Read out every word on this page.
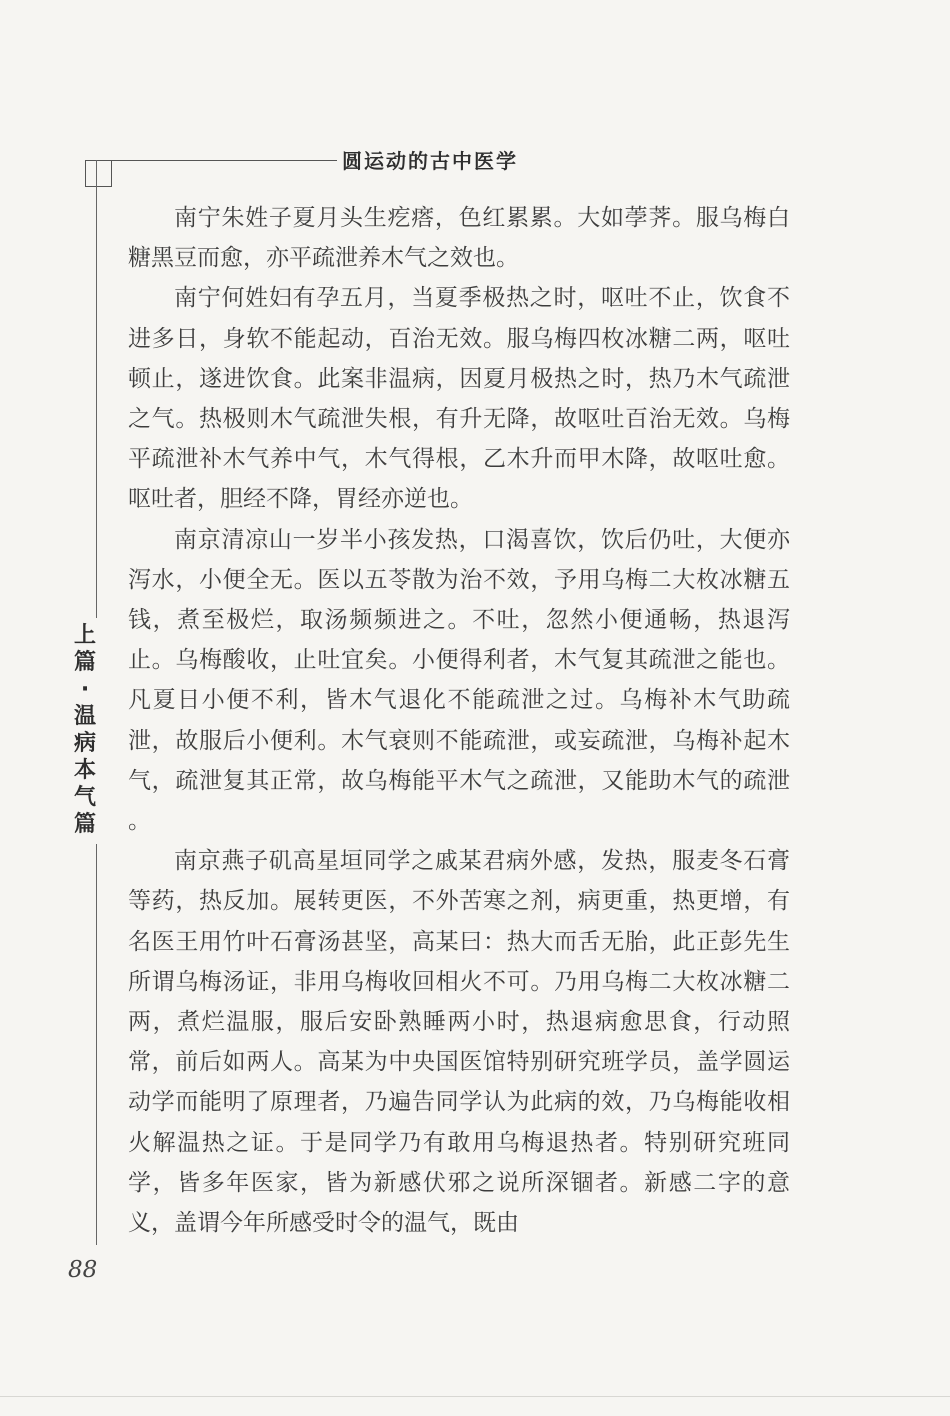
圆运动的古中医学
上
篇
·
温
病
本
气
篇

南宁朱姓子夏月头生疙瘩，色红累累。大如荸荠。服乌梅白糖黑豆而愈，亦平疏泄养木气之效也。

南宁何姓妇有孕五月，当夏季极热之时，呕吐不止，饮食不进多日，身软不能起动，百治无效。服乌梅四枚冰糖二两，呕吐顿止，遂进饮食。此案非温病，因夏月极热之时，热乃木气疏泄之气。热极则木气疏泄失根，有升无降，故呕吐百治无效。乌梅平疏泄补木气养中气，木气得根，乙木升而甲木降，故呕吐愈。呕吐者，胆经不降，胃经亦逆也。

南京清凉山一岁半小孩发热，口渴喜饮，饮后仍吐，大便亦泻水，小便全无。医以五苓散为治不效，予用乌梅二大枚冰糖五钱，煮至极烂，取汤频频进之。不吐，忽然小便通畅，热退泻止。乌梅酸收，止吐宜矣。小便得利者，木气复其疏泄之能也。凡夏日小便不利，皆木气退化不能疏泄之过。乌梅补木气助疏泄，故服后小便利。木气衰则不能疏泄，或妄疏泄，乌梅补起木气，疏泄复其正常，故乌梅能平木气之疏泄，又能助木气的疏泄 。

南京燕子矶高星垣同学之戚某君病外感，发热，服麦冬石膏等药，热反加。展转更医，不外苦寒之剂，病更重，热更增，有名医王用竹叶石膏汤甚坚，高某曰：热大而舌无胎，此正彭先生所谓乌梅汤证，非用乌梅收回相火不可。乃用乌梅二大枚冰糖二两，煮烂温服，服后安卧熟睡两小时，热退病愈思食，行动照常，前后如两人。高某为中央国医馆特别研究班学员，盖学圆运动学而能明了原理者，乃遍告同学认为此病的效，乃乌梅能收相火解温热之证。于是同学乃有敢用乌梅退热者。特别研究班同学，皆多年医家，皆为新感伏邪之说所深锢者。新感二字的意义，盖谓今年所感受时令的温气，既由

88
